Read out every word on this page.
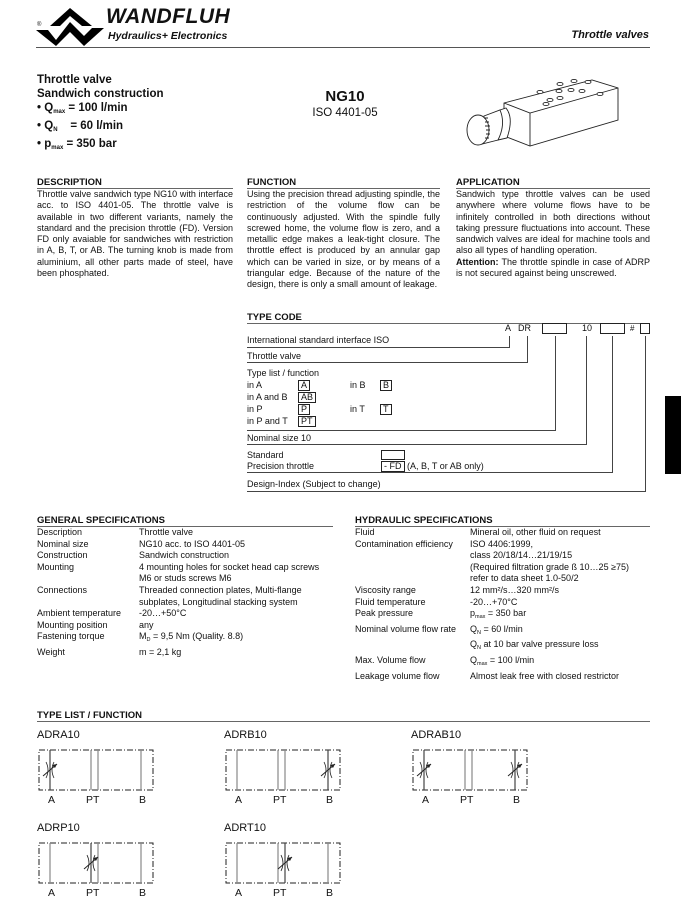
®	WANDFLUH
Hydraulics+ Electronics	Throttle valves
Throttle valve
Sandwich construction
• $Q_{max} = 100$ l/min
• $Q_N = 60$ l/min
• $p_{max} = 350$ bar
NG10
ISO 4401-05
DESCRIPTION
Throttle valve sandwich type NG10 with interface acc. to ISO 4401-05. The throttle valve is available in two different variants, namely the standard and the precision throttle (FD). Version FD only avaiable for sandwiches with restriction in A, B, T, or AB. The turning knob is made from aluminium, all other parts made of steel, have been phosphated.
FUNCTION
Using the precision thread adjusting spindle, the restriction of the volume flow can be continuously adjusted. With the spindle fully screwed home, the volume flow is zero, and a metallic edge makes a leak-tight closure. The throttle effect is produced by an annular gap which can be varied in size, or by means of a triangular edge. Because of the nature of the design, there is only a small amount of leakage.
APPLICATION
Sandwich type throttle valves can be used anywhere where volume flows have to be infinitely controlled in both directions without taking pressure fluctuations into account. These sandwich valves are ideal for machine tools and also all types of handling operation.
Attention: The throttle spindle in case of ADRP is not secured against being unscrewed.
TYPE CODE
A DR	10	#
International standard interface ISO
Throttle valve
Type list / function
in A	A	in B	B
in A and B	AB
in P	P	in T	T
in P and T	PT
Nominal size 10
Standard
Precision throttle	- FD (A, B, T or AB only)
Design-Index (Subject to change)
GENERAL SPECIFICATIONS
Description	Throttle valve
Nominal size	NG10 acc. to ISO 4401-05
Construction	Sandwich construction
Mounting	4 mounting holes for socket head cap screws
M6 or studs screws M6
Connections	Threaded connection plates, Multi-flange
subplates, Longitudinal stacking system
Ambient temperature	-20…+50°C
Mounting position	any
Fastening torque	$M_D = 9,5$ Nm (Quality. 8.8)
Weight	m = 2,1 kg
HYDRAULIC SPECIFICATIONS
Fluid	Mineral oil, other fluid on request
Contamination efficiency	ISO 4406:1999,
class 20/18/14…21/19/15
(Required filtration grade ß 10…25 ≥75)
refer to data sheet 1.0-50/2
Viscosity range	12 mm²/s…320 mm²/s
Fluid temperature	-20…+70°C
Peak pressure	$p_{max} = 350$ bar
Nominal volume flow rate	$Q_N = 60$ l/min
$Q_N$ at 10 bar valve pressure loss
Max. Volume flow	$Q_{max} = 100$ l/min
Leakage volume flow	Almost leak free with closed restrictor
TYPE LIST / FUNCTION
ADRA10
A	PT	B
ADRB10
A	PT	B
ADRAB10
A	PT	B
ADRP10
A	PT	B
ADRT10
A	PT	B
